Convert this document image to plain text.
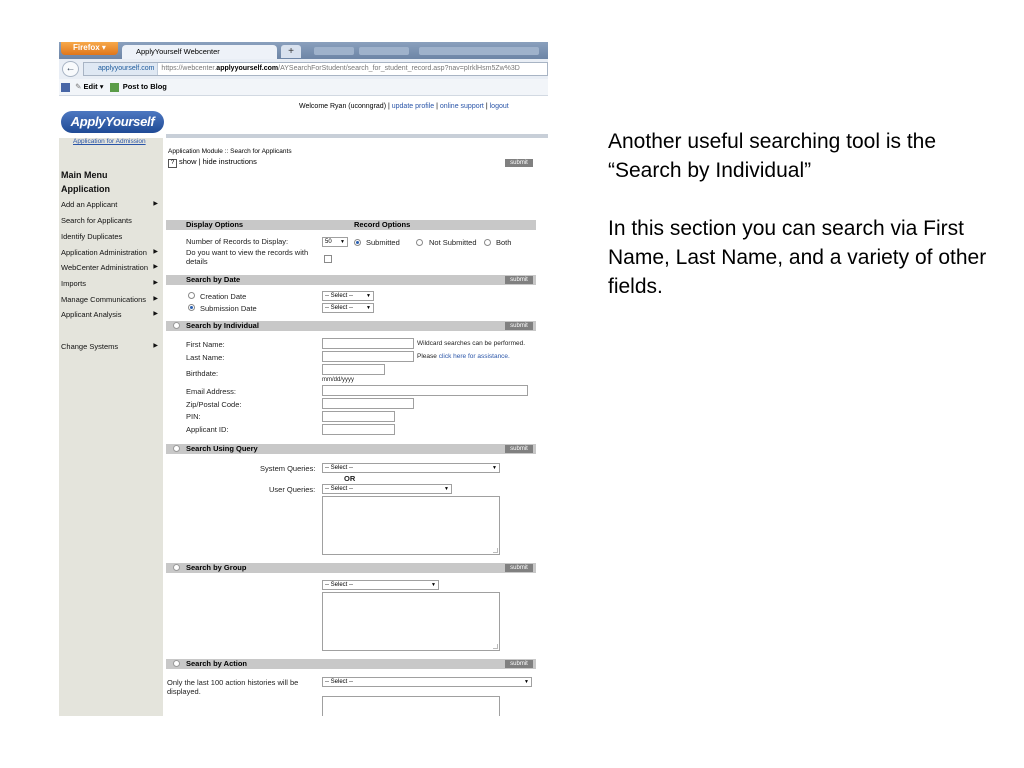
Firefox ▾	ApplyYourself Webcenter	+
←	applyyourself.com https://webcenter.applyyourself.com/AYSearchForStudent/search_for_student_record.asp?nav=pIrklHsm5Zw%3D
✎ Edit ▾	Post to Blog
Welcome Ryan (uconngrad) | update profile | online support | logout
ApplyYourself
Application for Admission
Main Menu
Application
Add an Applicant	▶
Search for Applicants
Identify Duplicates
Application Administration ▶
WebCenter Administration ▶
Imports	▶
Manage Communications ▶
Applicant Analysis	▶
Change Systems	▶
Application Module :: Search for Applicants
? show | hide instructions	submit
Display Options	Record Options
Number of Records to Display:	50 ▼	Submitted	Not Submitted	Both
Do you want to view the records with
details
Search by Date	submit
Creation Date	-- Select --	▼
Submission Date	-- Select --	▼
Search by Individual	submit
First Name:	Wildcard searches can be performed.
Last Name:	Please click here for assistance.
Birthdate:
mm/dd/yyyy
Email Address:
Zip/Postal Code:
PIN:
Applicant ID:
Search Using Query	submit
System Queries:	-- Select --	▼
OR
User Queries:	-- Select --	▼
Search by Group	submit
-- Select --	▼
Search by Action	submit
Only the last 100 action histories will be
displayed.
-- Select --	▼

Another useful searching tool is the “Search by Individual”

In this section you can search via First Name, Last Name, and a variety of other fields.
